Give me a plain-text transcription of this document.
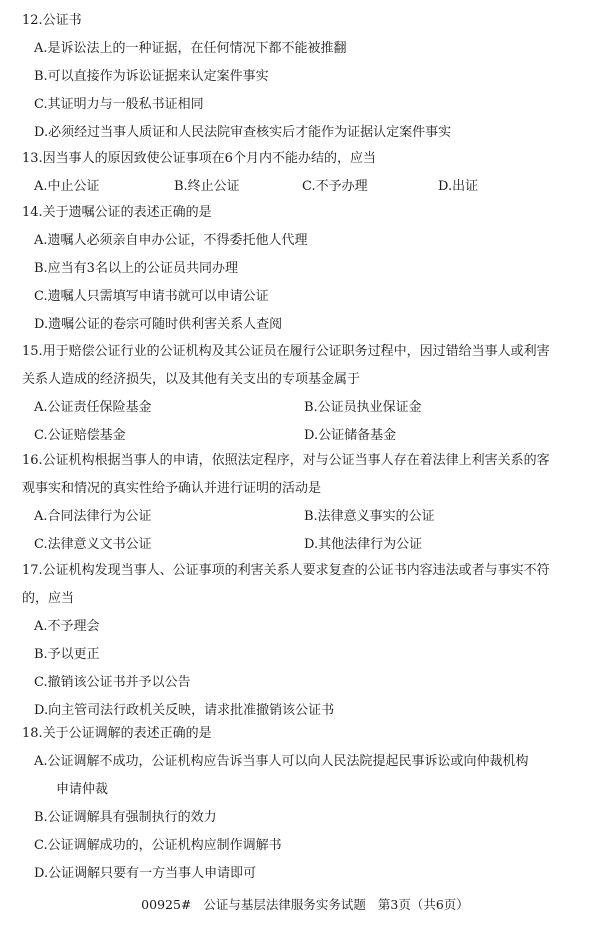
12.公证书
A.是诉讼法上的一种证据，在任何情况下都不能被推翻
B.可以直接作为诉讼证据来认定案件事实
C.其证明力与一般私书证相同
D.必须经过当事人质证和人民法院审查核实后才能作为证据认定案件事实
13.因当事人的原因致使公证事项在6个月内不能办结的，应当
A.中止公证	B.终止公证	C.不予办理	D.出证
14.关于遗嘱公证的表述正确的是
A.遗嘱人必须亲自申办公证，不得委托他人代理
B.应当有3名以上的公证员共同办理
C.遗嘱人只需填写申请书就可以申请公证
D.遗嘱公证的卷宗可随时供利害关系人查阅
15.用于赔偿公证行业的公证机构及其公证员在履行公证职务过程中，因过错给当事人或利害
关系人造成的经济损失，以及其他有关支出的专项基金属于
A.公证责任保险基金	B.公证员执业保证金
C.公证赔偿基金	D.公证储备基金
16.公证机构根据当事人的申请，依照法定程序，对与公证当事人存在着法律上利害关系的客
观事实和情况的真实性给予确认并进行证明的活动是
A.合同法律行为公证	B.法律意义事实的公证
C.法律意义文书公证	D.其他法律行为公证
17.公证机构发现当事人、公证事项的利害关系人要求复查的公证书内容违法或者与事实不符
的，应当
A.不予理会
B.予以更正
C.撤销该公证书并予以公告
D.向主管司法行政机关反映，请求批准撤销该公证书
18.关于公证调解的表述正确的是
A.公证调解不成功，公证机构应告诉当事人可以向人民法院提起民事诉讼或向仲裁机构
申请仲裁
B.公证调解具有强制执行的效力
C.公证调解成功的，公证机构应制作调解书
D.公证调解只要有一方当事人申请即可
00925# 公证与基层法律服务实务试题 第3页（共6页）
